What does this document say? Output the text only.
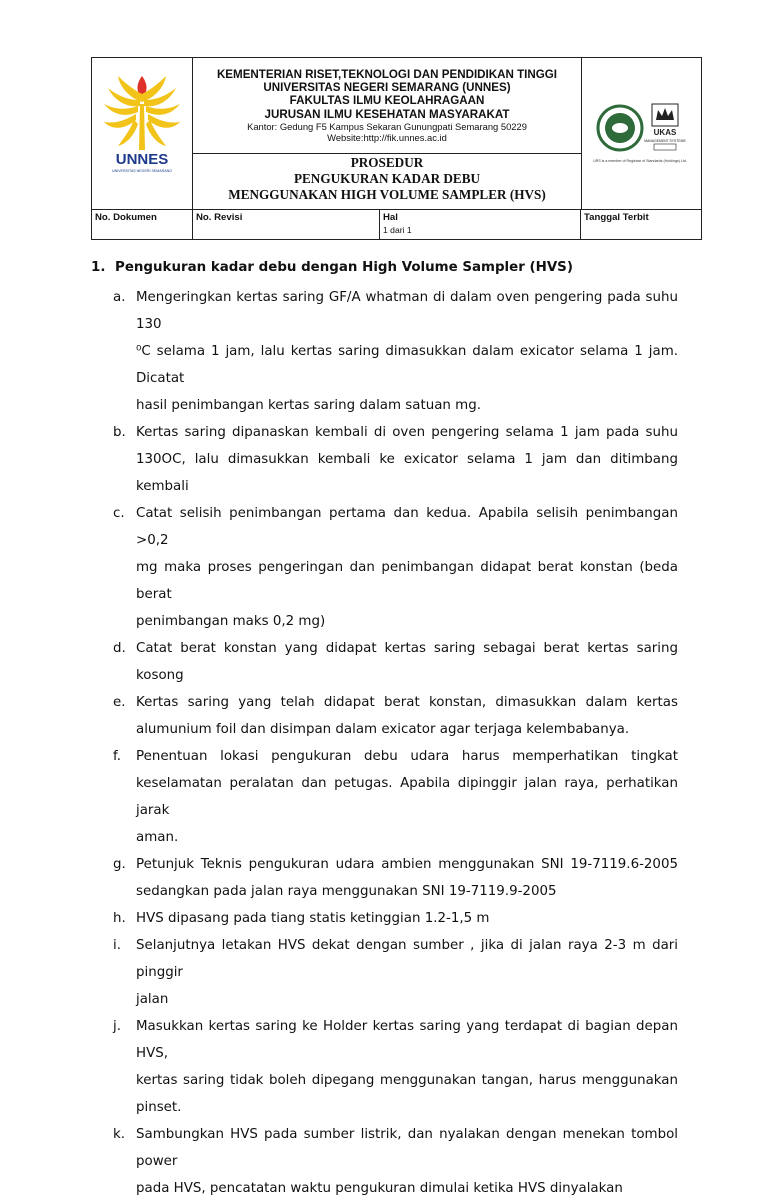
UNNES
UNIVERSITAS NEGERI SEMARANG
KEMENTERIAN RISET,TEKNOLOGI DAN PENDIDIKAN TINGGI
UNIVERSITAS NEGERI SEMARANG (UNNES)
FAKULTAS ILMU KEOLAHRAGAAN
JURUSAN ILMU KESEHATAN MASYARAKAT
Kantor: Gedung F5 Kampus Sekaran Gunungpati Semarang 50229
Website:http://fik.unnes.ac.id
PROSEDUR
PENGUKURAN KADAR DEBU
MENGGUNAKAN HIGH VOLUME SAMPLER (HVS)
UKAS
MANAGEMENT SYSTEMS
URS is a member of Registrar of Standards (Holdings) Ltd.
No. Dokumen	No. Revisi	Hal
1 dari 1
Tanggal Terbit
1. Pengukuran kadar debu dengan High Volume Sampler (HVS)
a. Mengeringkan kertas saring GF/A whatman di dalam oven pengering pada suhu 130
⁰C selama 1 jam, lalu kertas saring dimasukkan dalam exicator selama 1 jam. Dicatat
hasil penimbangan kertas saring dalam satuan mg.
b. Kertas saring dipanaskan kembali di oven pengering selama 1 jam pada suhu
130OC, lalu dimasukkan kembali ke exicator selama 1 jam dan ditimbang kembali
c. Catat selisih penimbangan pertama dan kedua. Apabila selisih penimbangan >0,2
mg maka proses pengeringan dan penimbangan didapat berat konstan (beda berat
penimbangan maks 0,2 mg)
d. Catat berat konstan yang didapat kertas saring sebagai berat kertas saring kosong
e. Kertas saring yang telah didapat berat konstan, dimasukkan dalam kertas
alumunium foil dan disimpan dalam exicator agar terjaga kelembabanya.
f. Penentuan lokasi pengukuran debu udara harus memperhatikan tingkat
keselamatan peralatan dan petugas. Apabila dipinggir jalan raya, perhatikan jarak
aman.
g. Petunjuk Teknis pengukuran udara ambien menggunakan SNI 19-7119.6-2005
sedangkan pada jalan raya menggunakan SNI 19-7119.9-2005
h. HVS dipasang pada tiang statis ketinggian 1.2-1,5 m
i. Selanjutnya letakan HVS dekat dengan sumber , jika di jalan raya 2-3 m dari pinggir
jalan
j. Masukkan kertas saring ke Holder kertas saring yang terdapat di bagian depan HVS,
kertas saring tidak boleh dipegang menggunakan tangan, harus menggunakan
pinset.
k. Sambungkan HVS pada sumber listrik, dan nyalakan dengan menekan tombol power
pada HVS, pencatatan waktu pengukuran dimulai ketika HVS dinyalakan
